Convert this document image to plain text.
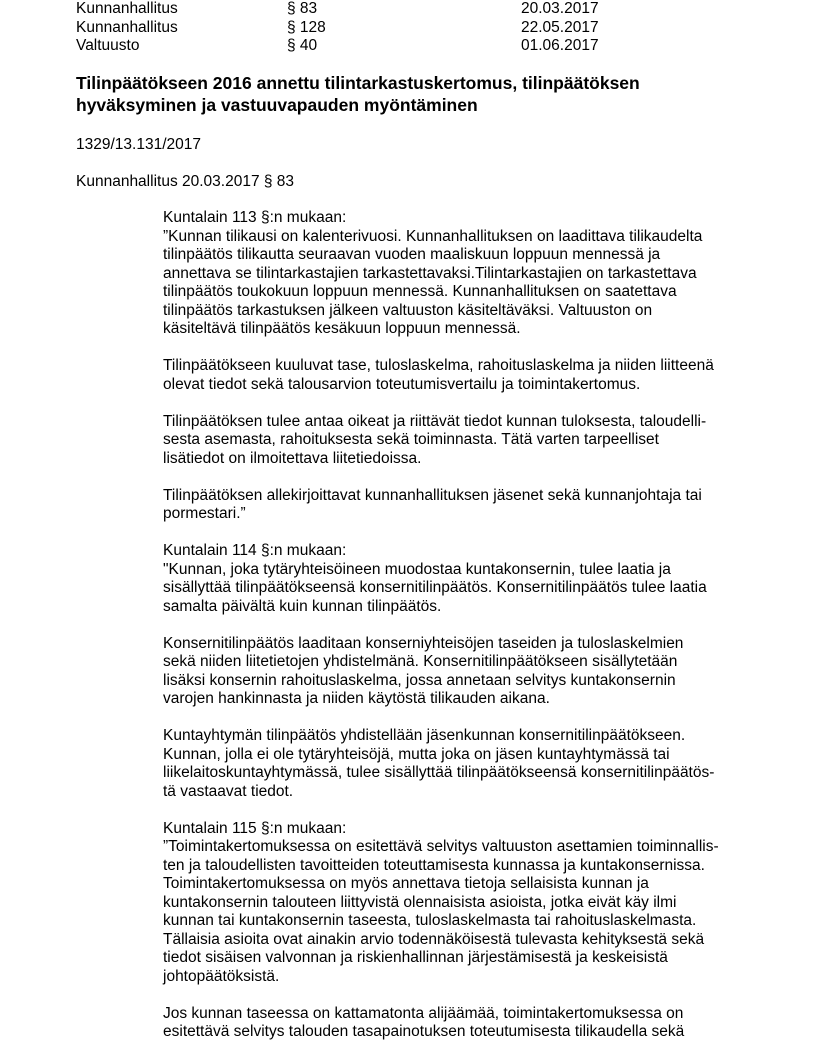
Kunnanhallitus	§ 83	20.03.2017
Kunnanhallitus	§ 128	22.05.2017
Valtuusto	§ 40	01.06.2017
Tilinpäätökseen 2016 annettu tilintarkastuskertomus, tilinpäätöksen
hyväksyminen ja vastuuvapauden myöntäminen
1329/13.131/2017
Kunnanhallitus 20.03.2017 § 83
Kuntalain 113 §:n mukaan:
”Kunnan tilikausi on kalenterivuosi. Kunnanhallituksen on laadittava tilikaudelta
tilinpäätös tilikautta seuraavan vuoden maaliskuun loppuun mennessä ja
annettava se tilintarkastajien tarkastettavaksi.Tilintarkastajien on tarkastettava
tilinpäätös toukokuun loppuun mennessä. Kunnanhallituksen on saatettava
tilinpäätös tarkastuksen jälkeen valtuuston käsiteltäväksi. Valtuuston on
käsiteltävä tilinpäätös kesäkuun loppuun mennessä.
Tilinpäätökseen kuuluvat tase, tuloslaskelma, rahoituslaskelma ja niiden liitteenä
olevat tiedot sekä talousarvion toteutumisvertailu ja toimintakertomus.
Tilinpäätöksen tulee antaa oikeat ja riittävät tiedot kunnan tuloksesta, taloudelli-
sesta asemasta, rahoituksesta sekä toiminnasta. Tätä varten tarpeelliset
lisätiedot on ilmoitettava liitetiedoissa.
Tilinpäätöksen allekirjoittavat kunnanhallituksen jäsenet sekä kunnanjohtaja tai
pormestari.”
Kuntalain 114 §:n mukaan:
"Kunnan, joka tytäryhteisöineen muodostaa kuntakonsernin, tulee laatia ja
sisällyttää tilinpäätökseensä konsernitilinpäätös. Konsernitilinpäätös tulee laatia
samalta päivältä kuin kunnan tilinpäätös.
Konsernitilinpäätös laaditaan konserniyhteisöjen taseiden ja tuloslaskelmien
sekä niiden liitetietojen yhdistelmänä. Konsernitilinpäätökseen sisällytetään
lisäksi konsernin rahoituslaskelma, jossa annetaan selvitys kuntakonsernin
varojen hankinnasta ja niiden käytöstä tilikauden aikana.
Kuntayhtymän tilinpäätös yhdistellään jäsenkunnan konsernitilinpäätökseen.
Kunnan, jolla ei ole tytäryhteisöjä, mutta joka on jäsen kuntayhtymässä tai
liikelaitoskuntayhtymässä, tulee sisällyttää tilinpäätökseensä konsernitilinpäätös-
tä vastaavat tiedot.
Kuntalain 115 §:n mukaan:
”Toimintakertomuksessa on esitettävä selvitys valtuuston asettamien toiminnallis-
ten ja taloudellisten tavoitteiden toteuttamisesta kunnassa ja kuntakonsernissa.
Toimintakertomuksessa on myös annettava tietoja sellaisista kunnan ja
kuntakonsernin talouteen liittyvistä olennaisista asioista, jotka eivät käy ilmi
kunnan tai kuntakonsernin taseesta, tuloslaskelmasta tai rahoituslaskelmasta.
Tällaisia asioita ovat ainakin arvio todennäköisestä tulevasta kehityksestä sekä
tiedot sisäisen valvonnan ja riskienhallinnan järjestämisestä ja keskeisistä
johtopäätöksistä.
Jos kunnan taseessa on kattamatonta alijäämää, toimintakertomuksessa on
esitettävä selvitys talouden tasapainotuksen toteutumisesta tilikaudella sekä
